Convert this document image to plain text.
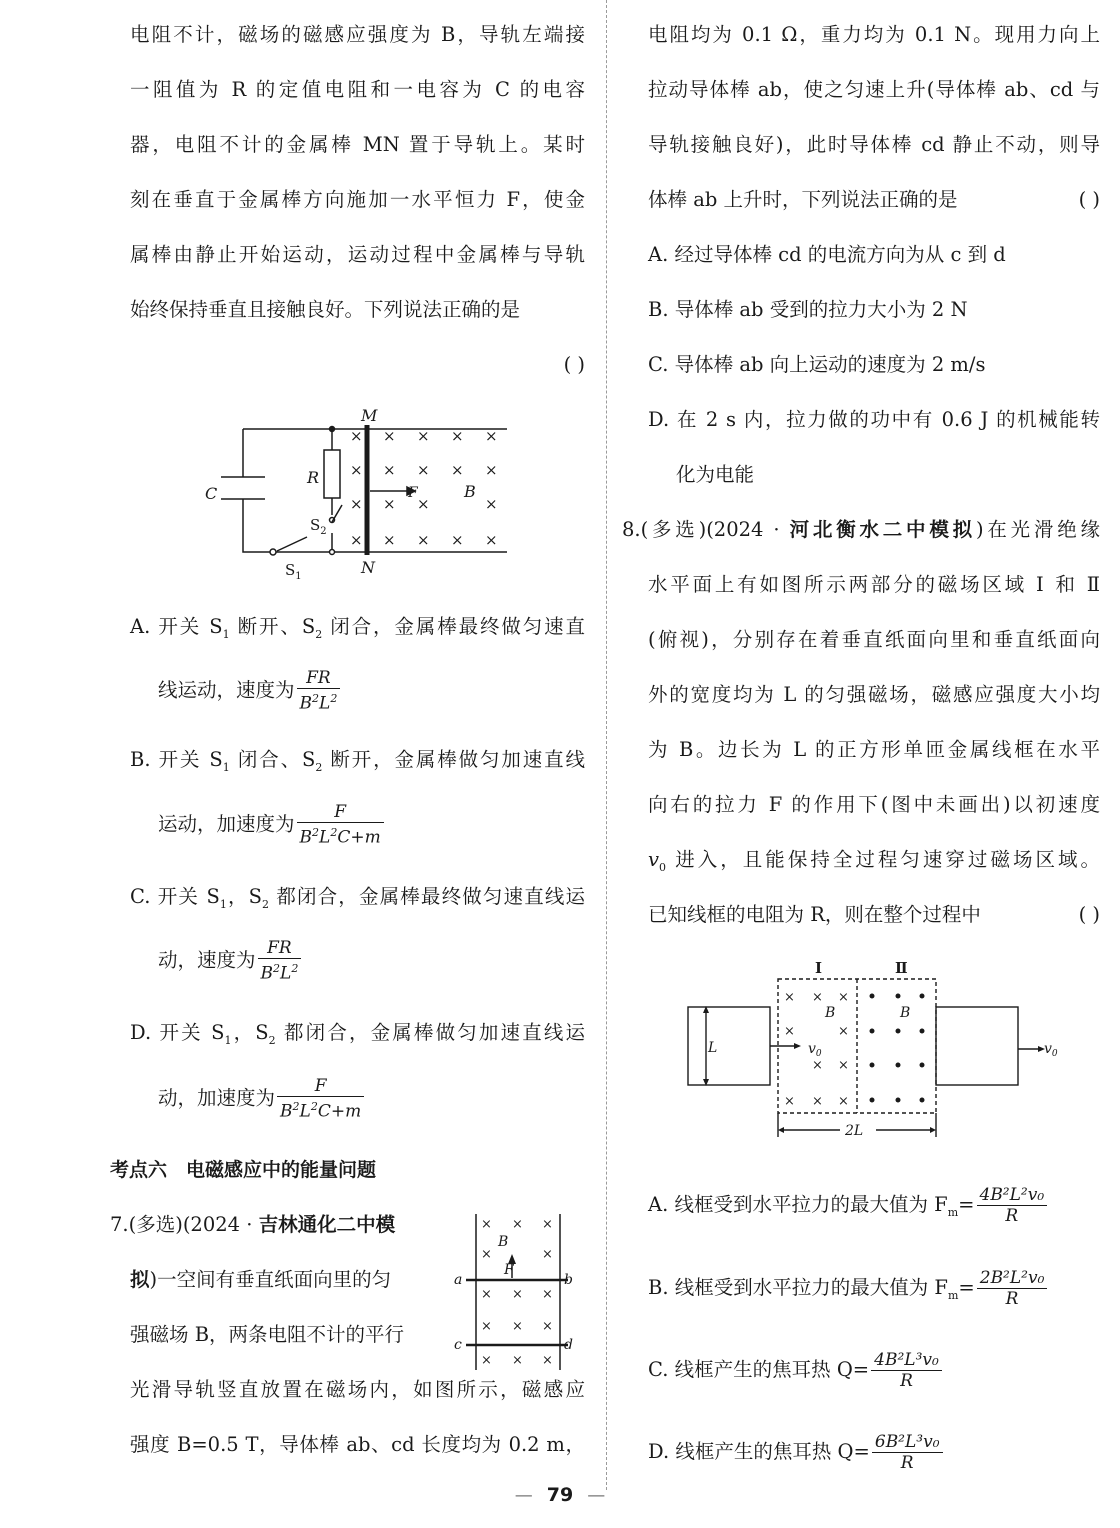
电阻不计，磁场的磁感应强度为 B，导轨左端接
一阻值为 R 的定值电阻和一电容为 C 的电容
器，电阻不计的金属棒 MN 置于导轨上。某时
刻在垂直于金属棒方向施加一水平恒力 F，使金
属棒由静止开始运动，运动过程中金属棒与导轨
始终保持垂直且接触良好。下列说法正确的是
( )
×
×
×
×
× × × ×
× × × ×
× ×	×
× × × ×
C
R
M
N
F	B
$S_2$
$S_1$
A. 开关 $S_1$ 断开、$S_2$ 闭合，金属棒最终做匀速直
线运动，速度为 $\frac{FR}{B^2L^2}$
B. 开关 $S_1$ 闭合、$S_2$ 断开，金属棒做匀加速直线
运动，加速度为 $\frac{F}{B^2L^2C+m}$
C. 开关 $S_1$，$S_2$ 都闭合，金属棒最终做匀速直线运
动，速度为 $\frac{FR}{B^2L^2}$
D. 开关 $S_1$，$S_2$ 都闭合，金属棒做匀加速直线运
动，加速度为 $\frac{F}{B^2L^2C+m}$
考点六　电磁感应中的能量问题
7.(多选)(2024 · 吉林通化二中模
拟)一空间有垂直纸面向里的匀
强磁场 B，两条电阻不计的平行
光滑导轨竖直放置在磁场内，如图所示，磁感应
强度 B=0.5 T，导体棒 ab、cd 长度均为 0.2 m，
× × ×
×	×
× × ×
× × ×
× × ×
B
F
a	b
c	d
电阻均为 0.1 Ω，重力均为 0.1 N。现用力向上
拉动导体棒 ab，使之匀速上升(导体棒 ab、cd 与
导轨接触良好)，此时导体棒 cd 静止不动，则导
体棒 ab 上升时，下列说法正确的是	( )
A. 经过导体棒 cd 的电流方向为从 c 到 d
B. 导体棒 ab 受到的拉力大小为 2 N
C. 导体棒 ab 向上运动的速度为 2 m/s
D. 在 2 s 内，拉力做的功中有 0.6 J 的机械能转
化为电能
8.(多选)(2024 · 河北衡水二中模拟)在光滑绝缘
水平面上有如图所示两部分的磁场区域 Ⅰ 和 Ⅱ
(俯视)，分别存在着垂直纸面向里和垂直纸面向
外的宽度均为 L 的匀强磁场，磁感应强度大小均
为 B。边长为 L 的正方形单匝金属线框在水平
向右的拉力 F 的作用下(图中未画出)以初速度
$v_0$ 进入，且能保持全过程匀速穿过磁场区域。
已知线框的电阻为 R，则在整个过程中	( )
× × ×
×	×
× ×
× × ×
Ⅰ	Ⅱ
B	B
L	$v_0$	$v_0$
2L
A. 线框受到水平拉力的最大值为 $F_m= \frac{\text{4B²L²v₀}}{R}$
B. 线框受到水平拉力的最大值为 $F_m= \frac{\text{2B²L²v₀}}{R}$
C. 线框产生的焦耳热 $Q= \frac{\text{4B²L³v₀}}{R}$
D. 线框产生的焦耳热 $Q= \frac{\text{6B²L³v₀}}{R}$
— 79 —
